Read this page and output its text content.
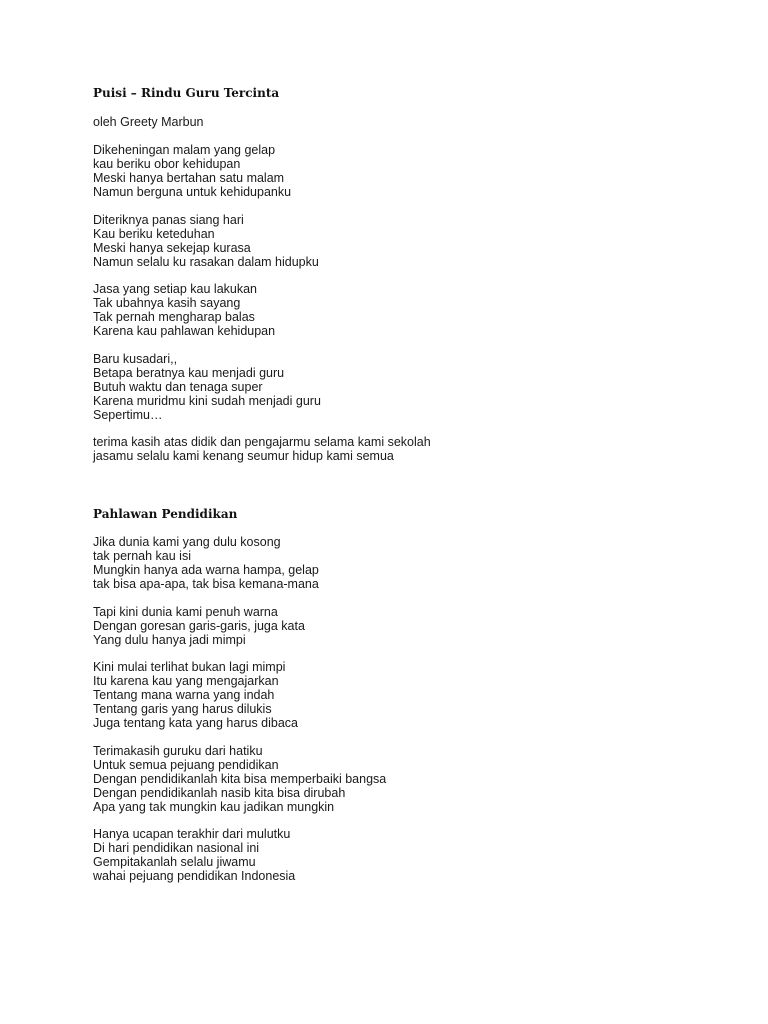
Puisi – Rindu Guru Tercinta
oleh Greety Marbun
Dikeheningan malam yang gelap
kau beriku obor kehidupan
Meski hanya bertahan satu malam
Namun berguna untuk kehidupanku
Diteriknya panas siang hari
Kau beriku keteduhan
Meski hanya sekejap kurasa
Namun selalu ku rasakan dalam hidupku
Jasa yang setiap kau lakukan
Tak ubahnya kasih sayang
Tak pernah mengharap balas
Karena kau pahlawan kehidupan
Baru kusadari,,
Betapa beratnya kau menjadi guru
Butuh waktu dan tenaga super
Karena muridmu kini sudah menjadi guru
Sepertimu…
terima kasih atas didik dan pengajarmu selama kami sekolah
jasamu selalu kami kenang seumur hidup kami semua
Pahlawan Pendidikan
Jika dunia kami yang dulu kosong
tak pernah kau isi
Mungkin hanya ada warna hampa, gelap
tak bisa apa-apa, tak bisa kemana-mana
Tapi kini dunia kami penuh warna
Dengan goresan garis-garis, juga kata
Yang dulu hanya jadi mimpi
Kini mulai terlihat bukan lagi mimpi
Itu karena kau yang mengajarkan
Tentang mana warna yang indah
Tentang garis yang harus dilukis
Juga tentang kata yang harus dibaca
Terimakasih guruku dari hatiku
Untuk semua pejuang pendidikan
Dengan pendidikanlah kita bisa memperbaiki bangsa
Dengan pendidikanlah nasib kita bisa dirubah
Apa yang tak mungkin kau jadikan mungkin
Hanya ucapan terakhir dari mulutku
Di hari pendidikan nasional ini
Gempitakanlah selalu jiwamu
wahai pejuang pendidikan Indonesia
